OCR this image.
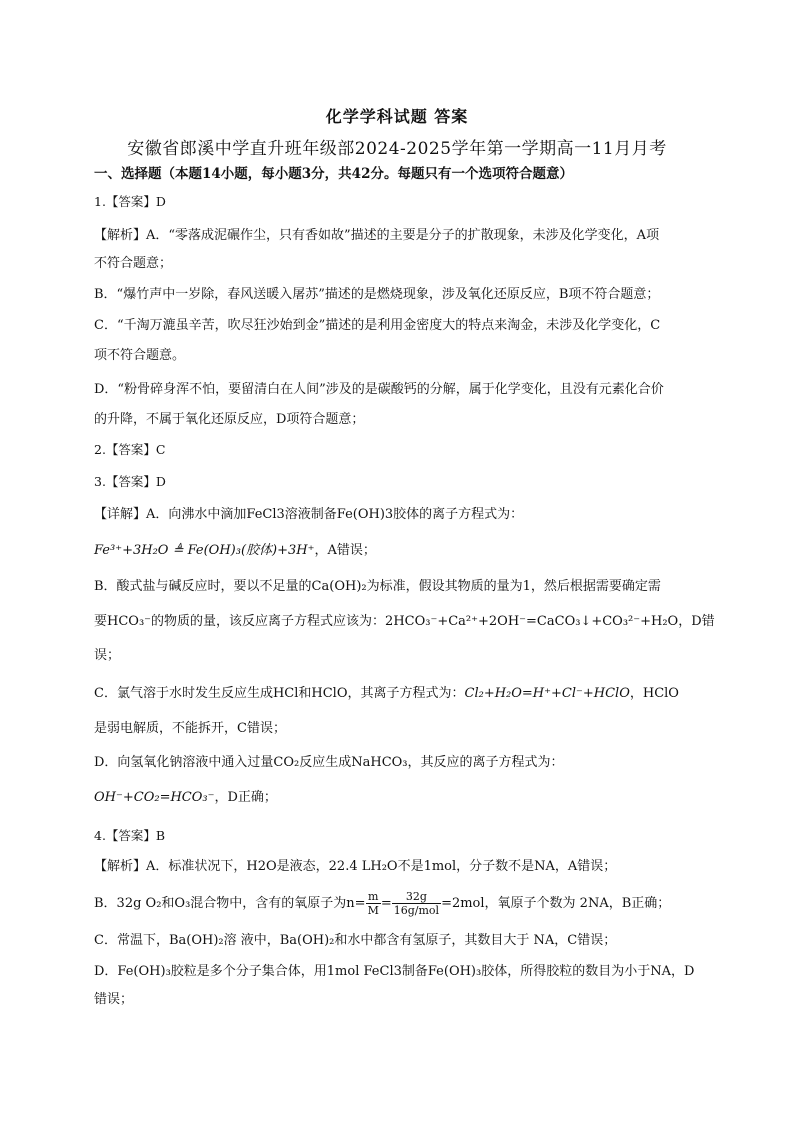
化学学科试题 答案
安徽省郎溪中学直升班年级部2024-2025学年第一学期高一11月月考
一、选择题（本题14小题，每小题3分，共42分。每题只有一个选项符合题意）
1.【答案】D
【解析】A．“零落成泥碾作尘，只有香如故”描述的主要是分子的扩散现象，未涉及化学变化，A项
不符合题意；
B．“爆竹声中一岁除，春风送暖入屠苏”描述的是燃烧现象，涉及氧化还原反应，B项不符合题意；
C．“千淘万漉虽辛苦，吹尽狂沙始到金”描述的是利用金密度大的特点来淘金，未涉及化学变化，C
项不符合题意。
D．“粉骨碎身浑不怕，要留清白在人间”涉及的是碳酸钙的分解，属于化学变化，且没有元素化合价
的升降，不属于氧化还原反应，D项符合题意；
2.【答案】C
3.【答案】D
【详解】A．向沸水中滴加FeCl3溶液制备Fe(OH)3胶体的离子方程式为：
Fe³⁺+3H₂O ≜ Fe(OH)₃(胶体)+3H⁺，A错误；
B．酸式盐与碱反应时，要以不足量的Ca(OH)₂为标准，假设其物质的量为1，然后根据需要确定需
要HCO₃⁻的物质的量，该反应离子方程式应该为：2HCO₃⁻+Ca²⁺+2OH⁻=CaCO₃↓+CO₃²⁻+H₂O，D错
误；
C．氯气溶于水时发生反应生成HCl和HClO，其离子方程式为：Cl₂+H₂O=H⁺+Cl⁻+HClO，HClO
是弱电解质，不能拆开，C错误；
D．向氢氧化钠溶液中通入过量CO₂反应生成NaHCO₃，其反应的离子方程式为：
OH⁻+CO₂=HCO₃⁻，D正确；
4.【答案】B
【解析】A．标准状况下，H2O是液态，22.4 LH₂O不是1mol，分子数不是NA，A错误；
B．32g O₂和O₃混合物中，含有的氧原子为$n= \frac{m}{M} = \frac{32g}{\text{16g/mol}} =2mol$，氧原子个数为 2NA，B正确；
C．常温下，Ba(OH)₂溶 液中，Ba(OH)₂和水中都含有氢原子，其数目大于 NA，C错误；
D．Fe(OH)₃胶粒是多个分子集合体，用1mol FeCl3制备Fe(OH)₃胶体，所得胶粒的数目为小于NA，D
错误；
